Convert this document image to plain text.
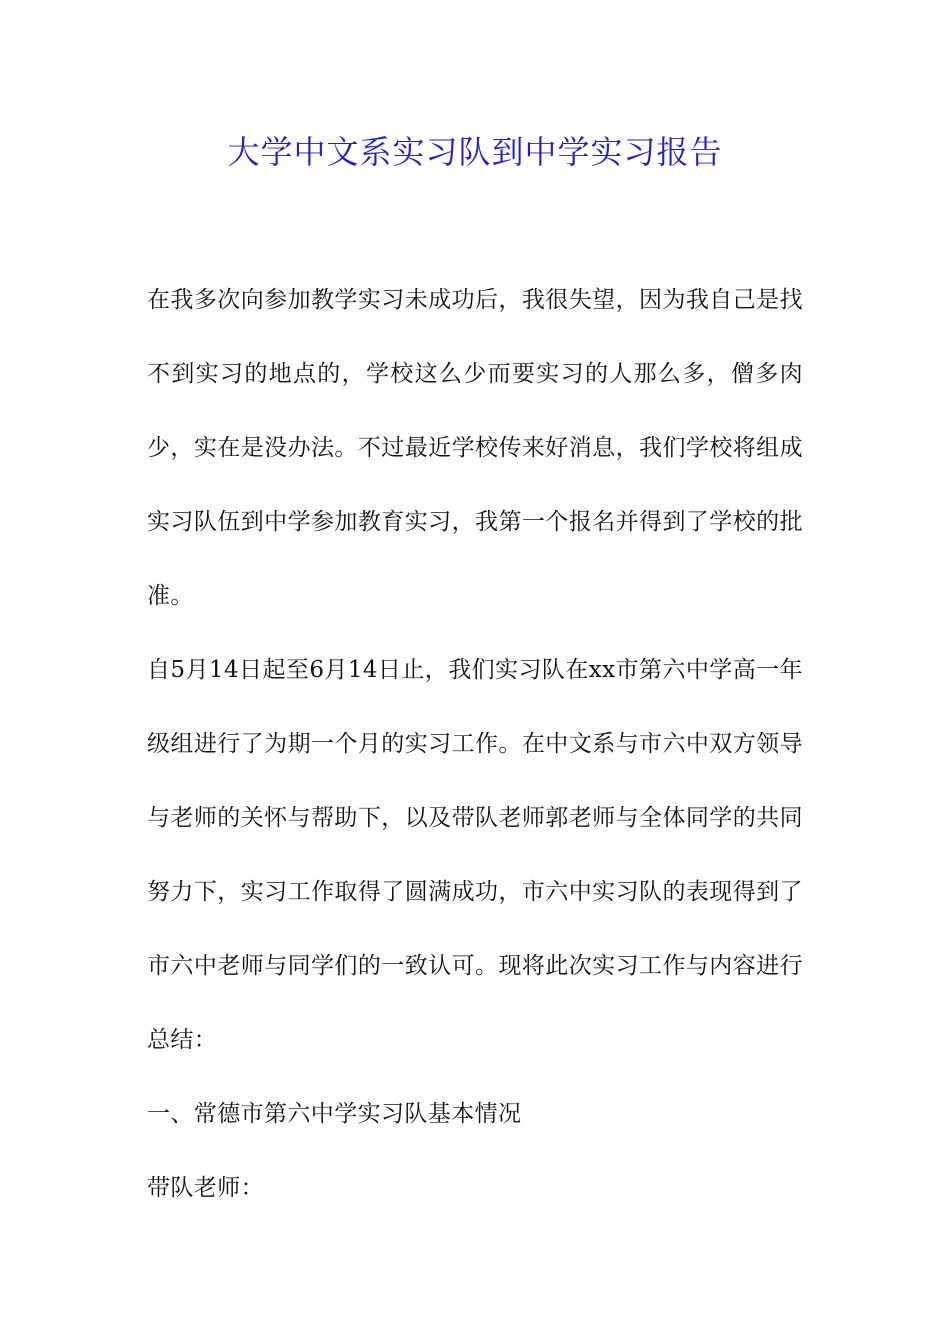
大学中文系实习队到中学实习报告

在我多次向参加教学实习未成功后，我很失望，因为我自己是找不到实习的地点的，学校这么少而要实习的人那么多，僧多肉少，实在是没办法。不过最近学校传来好消息，我们学校将组成实习队伍到中学参加教育实习，我第一个报名并得到了学校的批准。

自5月14日起至6月14日止，我们实习队在xx市第六中学高一年级组进行了为期一个月的实习工作。在中文系与市六中双方领导与老师的关怀与帮助下，以及带队老师郭老师与全体同学的共同努力下，实习工作取得了圆满成功，市六中实习队的表现得到了市六中老师与同学们的一致认可。现将此次实习工作与内容进行总结：

一、常德市第六中学实习队基本情况

带队老师：
